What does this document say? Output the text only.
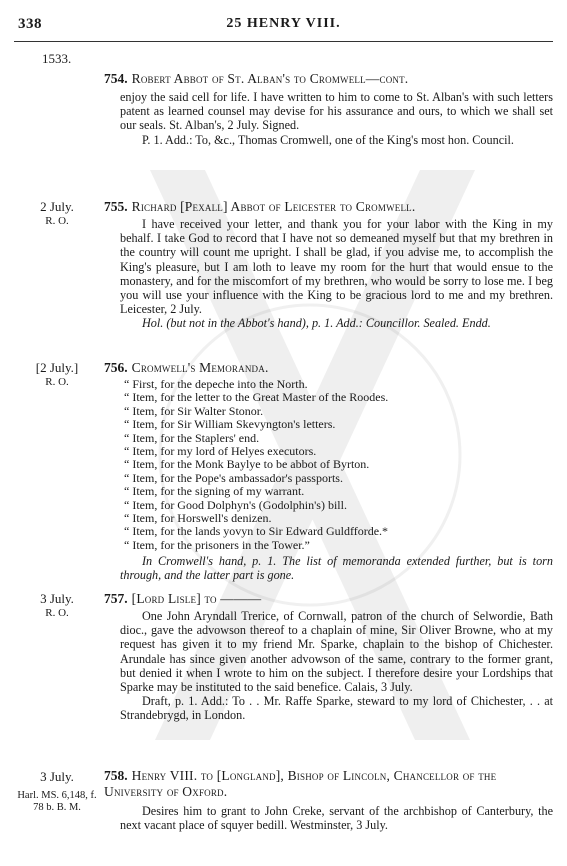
338	25 HENRY VIII.
1533.
754. Robert Abbot of St. Alban's to Cromwell—cont.
enjoy the said cell for life. I have written to him to come to St. Alban's with such letters patent as learned counsel may devise for his assurance and ours, to which we shall set our seals. St. Alban's, 2 July. Signed.
P. 1. Add.: To, &c., Thomas Cromwell, one of the King's most hon. Council.
2 July.
R. O.
755. Richard [Pexall] Abbot of Leicester to Cromwell.
I have received your letter, and thank you for your labor with the King in my behalf. I take God to record that I have not so demeaned myself but that my brethren in the country will count me upright. I shall be glad, if you advise me, to accomplish the King's pleasure, but I am loth to leave my room for the hurt that would ensue to the monastery, and for the miscomfort of my brethren, who would be sorry to lose me. I beg you will use your influence with the King to be gracious lord to me and my brethren. Leicester, 2 July.
Hol. (but not in the Abbot's hand), p. 1. Add.: Councillor. Sealed. Endd.
[2 July.]
R. O.
756. Cromwell's Memoranda.
“ First, for the depeche into the North.
“ Item, for the letter to the Great Master of the Roodes.
“ Item, for Sir Walter Stonor.
“ Item, for Sir William Skevyngton's letters.
“ Item, for the Staplers' end.
“ Item, for my lord of Helyes executors.
“ Item, for the Monk Baylye to be abbot of Byrton.
“ Item, for the Pope's ambassador's passports.
“ Item, for the signing of my warrant.
“ Item, for Good Dolphyn's (Godolphin's) bill.
“ Item, for Horswell's denizen.
“ Item, for the lands yovyn to Sir Edward Guldfforde.*
“ Item, for the prisoners in the Tower.”
In Cromwell's hand, p. 1. The list of memoranda extended further, but is torn through, and the latter part is gone.
3 July.
R. O.
757. [Lord Lisle] to ———
One John Aryndall Trerice, of Cornwall, patron of the church of Selwordie, Bath dioc., gave the advowson thereof to a chaplain of mine, Sir Oliver Browne, who at my request has given it to my friend Mr. Sparke, chaplain to the bishop of Chichester. Arundale has since given another advowson of the same, contrary to the former grant, but denied it when I wrote to him on the subject. I therefore desire your Lordships that Sparke may be instituted to the said benefice. Calais, 3 July.
Draft, p. 1. Add.: To . . Mr. Raffe Sparke, steward to my lord of Chichester, . . at Strandebrygd, in London.
3 July.
Harl. MS. 6,148, f. 78 b. B. M.
758. Henry VIII. to [Longland], Bishop of Lincoln, Chancellor of the University of Oxford.
Desires him to grant to John Creke, servant of the archbishop of Canterbury, the next vacant place of squyer bedill. Westminster, 3 July.
